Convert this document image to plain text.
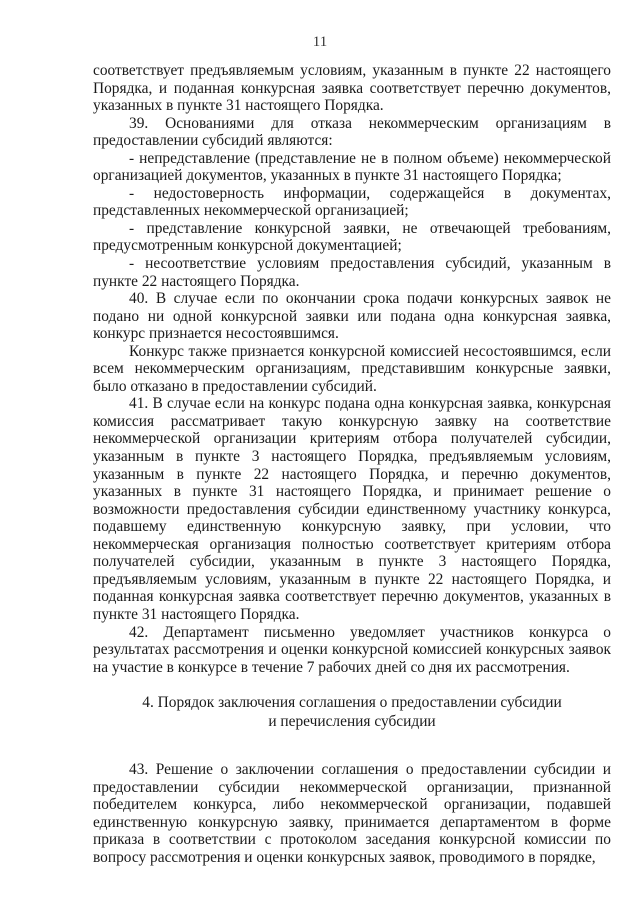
11

соответствует предъявляемым условиям, указанным в пункте 22 настоящего Порядка, и поданная конкурсная заявка соответствует перечню документов, указанных в пункте 31 настоящего Порядка.

39. Основаниями для отказа некоммерческим организациям в предоставлении субсидий являются:

- непредставление (представление не в полном объеме) некоммерческой организацией документов, указанных в пункте 31 настоящего Порядка;

- недостоверность информации, содержащейся в документах, представленных некоммерческой организацией;

- представление конкурсной заявки, не отвечающей требованиям, предусмотренным конкурсной документацией;

- несоответствие условиям предоставления субсидий, указанным в пункте 22 настоящего Порядка.

40. В случае если по окончании срока подачи конкурсных заявок не подано ни одной конкурсной заявки или подана одна конкурсная заявка, конкурс признается несостоявшимся.

Конкурс также признается конкурсной комиссией несостоявшимся, если всем некоммерческим организациям, представившим конкурсные заявки, было отказано в предоставлении субсидий.

41. В случае если на конкурс подана одна конкурсная заявка, конкурсная комиссия рассматривает такую конкурсную заявку на соответствие некоммерческой организации критериям отбора получателей субсидии, указанным в пункте 3 настоящего Порядка, предъявляемым условиям, указанным в пункте 22 настоящего Порядка, и перечню документов, указанных в пункте 31 настоящего Порядка, и принимает решение о возможности предоставления субсидии единственному участнику конкурса, подавшему единственную конкурсную заявку, при условии, что некоммерческая организация полностью соответствует критериям отбора получателей субсидии, указанным в пункте 3 настоящего Порядка, предъявляемым условиям, указанным в пункте 22 настоящего Порядка, и поданная конкурсная заявка соответствует перечню документов, указанных в пункте 31 настоящего Порядка.

42. Департамент письменно уведомляет участников конкурса о результатах рассмотрения и оценки конкурсной комиссией конкурсных заявок на участие в конкурсе в течение 7 рабочих дней со дня их рассмотрения.

4. Порядок заключения соглашения о предоставлении субсидии
и перечисления субсидии

43. Решение о заключении соглашения о предоставлении субсидии и предоставлении субсидии некоммерческой организации, признанной победителем конкурса, либо некоммерческой организации, подавшей единственную конкурсную заявку, принимается департаментом в форме приказа в соответствии с протоколом заседания конкурсной комиссии по вопросу рассмотрения и оценки конкурсных заявок, проводимого в порядке,
